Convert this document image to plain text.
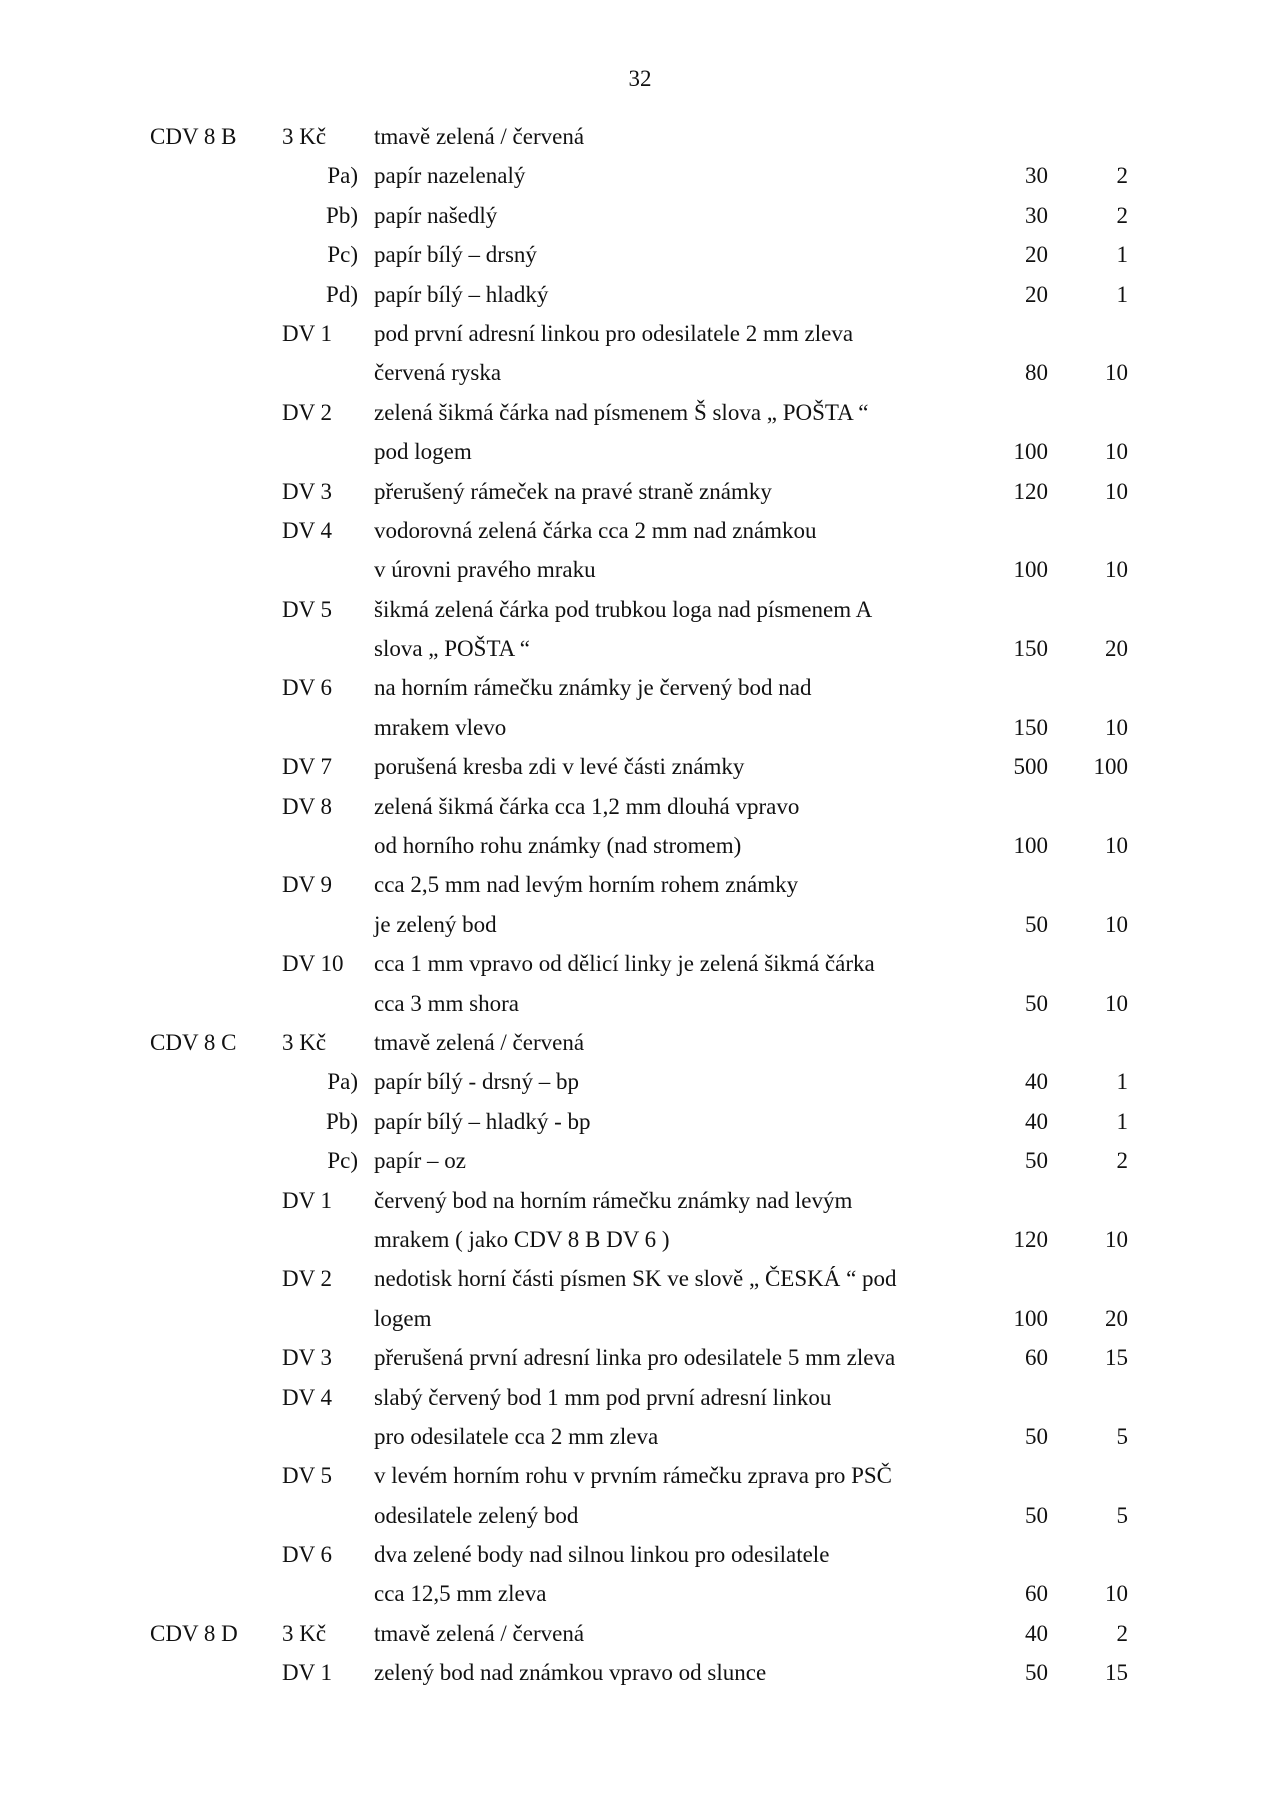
32
CDV 8 B 3 Kč tmavě zelená / červená
Pa) papír nazelenalý	30	2
Pb) papír našedlý	30	2
Pc) papír bílý – drsný	20	1
Pd) papír bílý – hladký	20	1
DV 1 pod první adresní linkou pro odesilatele 2 mm zleva
červená ryska	80 10
DV 2 zelená šikmá čárka nad písmenem Š slova „ POŠTA “
pod logem	100 10
DV 3 přerušený rámeček na pravé straně známky	120 10
DV 4 vodorovná zelená čárka cca 2 mm nad známkou
v úrovni pravého mraku	100 10
DV 5 šikmá zelená čárka pod trubkou loga nad písmenem A
slova „ POŠTA “	150 20
DV 6 na horním rámečku známky je červený bod nad
mrakem vlevo	150 10
DV 7 porušená kresba zdi v levé části známky	500 100
DV 8 zelená šikmá čárka cca 1,2 mm dlouhá vpravo
od horního rohu známky (nad stromem)	100 10
DV 9 cca 2,5 mm nad levým horním rohem známky
je zelený bod	50 10
DV 10 cca 1 mm vpravo od dělicí linky je zelená šikmá čárka
cca 3 mm shora	50 10
CDV 8 C 3 Kč tmavě zelená / červená
Pa) papír bílý - drsný – bp	40	1
Pb) papír bílý – hladký - bp	40	1
Pc) papír – oz	50	2
DV 1 červený bod na horním rámečku známky nad levým
mrakem ( jako CDV 8 B DV 6 )	120 10
DV 2 nedotisk horní části písmen SK ve slově „ ČESKÁ “ pod
logem	100 20
DV 3 přerušená první adresní linka pro odesilatele 5 mm zleva	60 15
DV 4 slabý červený bod 1 mm pod první adresní linkou
pro odesilatele cca 2 mm zleva	50	5
DV 5 v levém horním rohu v prvním rámečku zprava pro PSČ
odesilatele zelený bod	50	5
DV 6 dva zelené body nad silnou linkou pro odesilatele
cca 12,5 mm zleva	60 10
CDV 8 D 3 Kč tmavě zelená / červená	40	2
DV 1 zelený bod nad známkou vpravo od slunce	50 15
